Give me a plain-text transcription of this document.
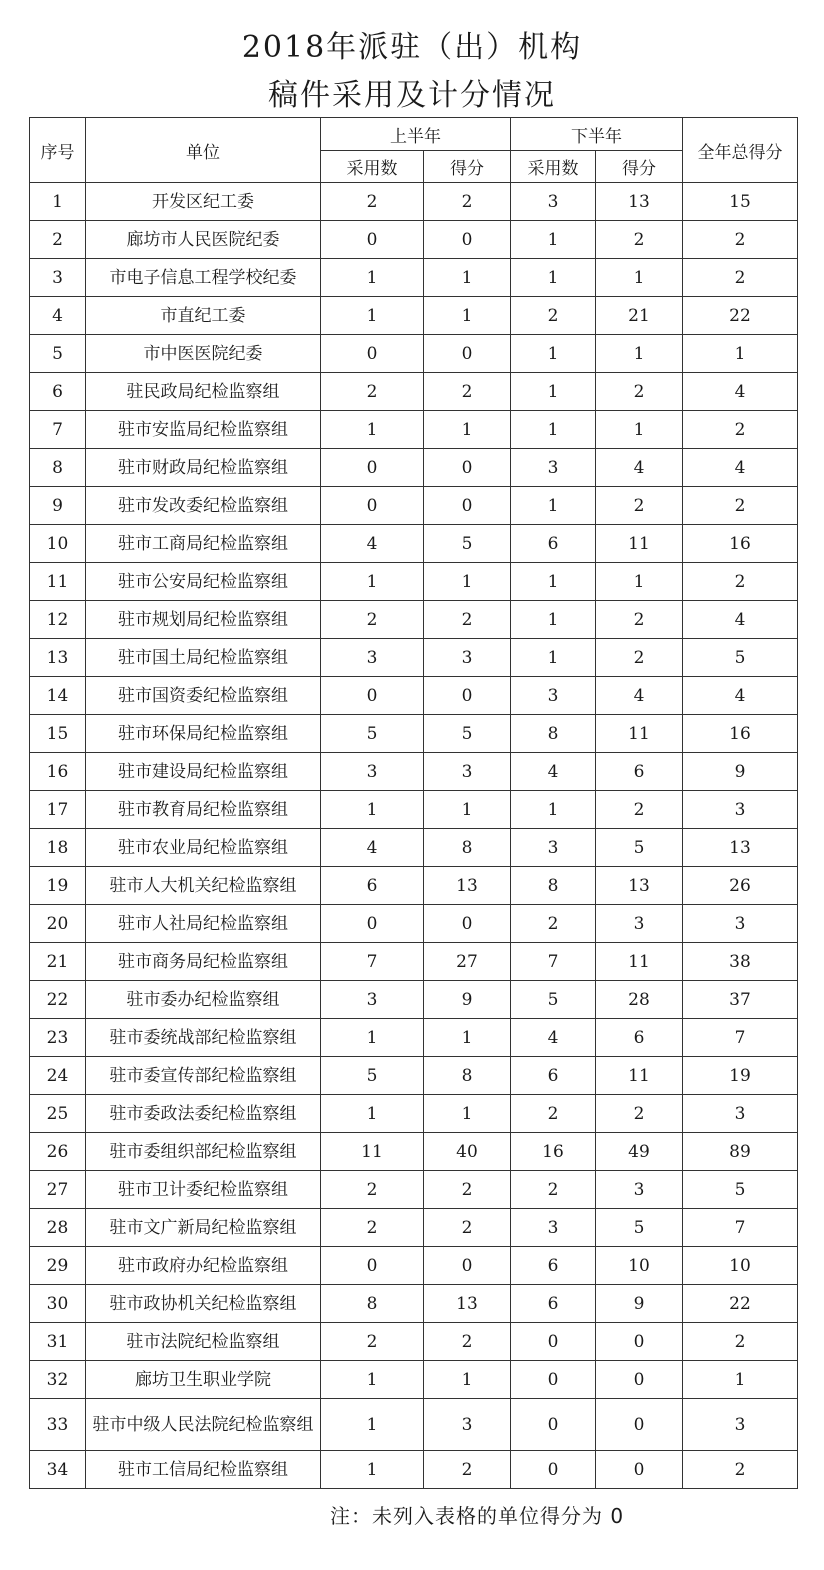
2018年派驻（出）机构
稿件采用及计分情况
序号	单位	上半年		下半年		全年总得分
		采用数	得分	采用数	得分	
1	开发区纪工委	2	2	3	13	15
2	廊坊市人民医院纪委	0	0	1	2	2
3	市电子信息工程学校纪委	1	1	1	1	2
4	市直纪工委	1	1	2	21	22
5	市中医医院纪委	0	0	1	1	1
6	驻民政局纪检监察组	2	2	1	2	4
7	驻市安监局纪检监察组	1	1	1	1	2
8	驻市财政局纪检监察组	0	0	3	4	4
9	驻市发改委纪检监察组	0	0	1	2	2
10	驻市工商局纪检监察组	4	5	6	11	16
11	驻市公安局纪检监察组	1	1	1	1	2
12	驻市规划局纪检监察组	2	2	1	2	4
13	驻市国土局纪检监察组	3	3	1	2	5
14	驻市国资委纪检监察组	0	0	3	4	4
15	驻市环保局纪检监察组	5	5	8	11	16
16	驻市建设局纪检监察组	3	3	4	6	9
17	驻市教育局纪检监察组	1	1	1	2	3
18	驻市农业局纪检监察组	4	8	3	5	13
19	驻市人大机关纪检监察组	6	13	8	13	26
20	驻市人社局纪检监察组	0	0	2	3	3
21	驻市商务局纪检监察组	7	27	7	11	38
22	驻市委办纪检监察组	3	9	5	28	37
23	驻市委统战部纪检监察组	1	1	4	6	7
24	驻市委宣传部纪检监察组	5	8	6	11	19
25	驻市委政法委纪检监察组	1	1	2	2	3
26	驻市委组织部纪检监察组	11	40	16	49	89
27	驻市卫计委纪检监察组	2	2	2	3	5
28	驻市文广新局纪检监察组	2	2	3	5	7
29	驻市政府办纪检监察组	0	0	6	10	10
30	驻市政协机关纪检监察组	8	13	6	9	22
31	驻市法院纪检监察组	2	2	0	0	2
32	廊坊卫生职业学院	1	1	0	0	1
33	驻市中级人民法院纪检监察组	1	3	0	0	3
34	驻市工信局纪检监察组	1	2	0	0	2
注：未列入表格的单位得分为 0
